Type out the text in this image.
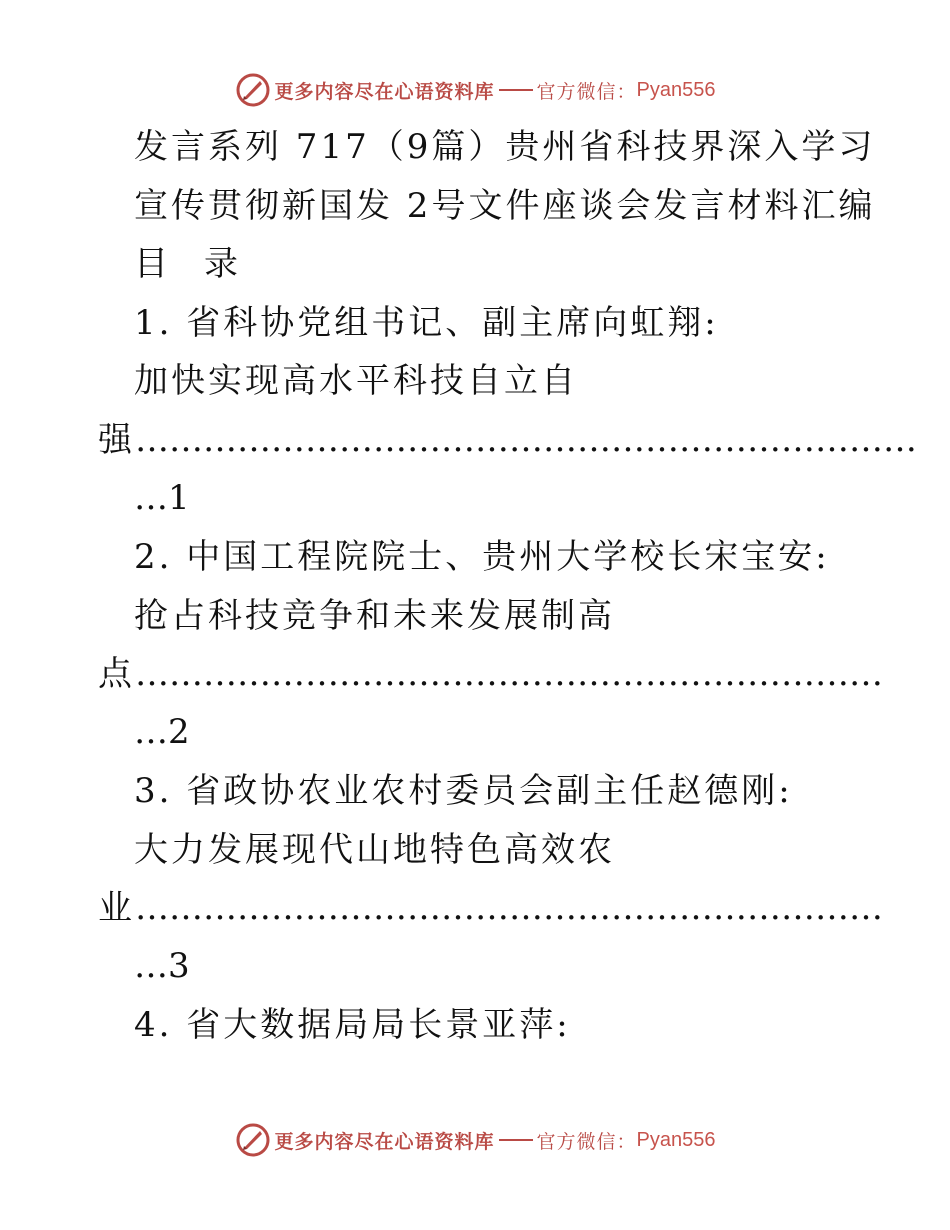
更多内容尽在心语资料库 官方微信： Pyan556
发言系列 717（9篇）贵州省科技界深入学习
宣传贯彻新国发 2号文件座谈会发言材料汇编
目 录
1. 省科协党组书记、副主席向虹翔:
加快实现高水平科技自立自
强……………………………………………………………
…1
2. 中国工程院院士、贵州大学校长宋宝安:
抢占科技竞争和未来发展制高
点…………………………………………………………
…2
3. 省政协农业农村委员会副主任赵德刚:
大力发展现代山地特色高效农
业…………………………………………………………
…3
4. 省大数据局局长景亚萍:
更多内容尽在心语资料库 官方微信： Pyan556
